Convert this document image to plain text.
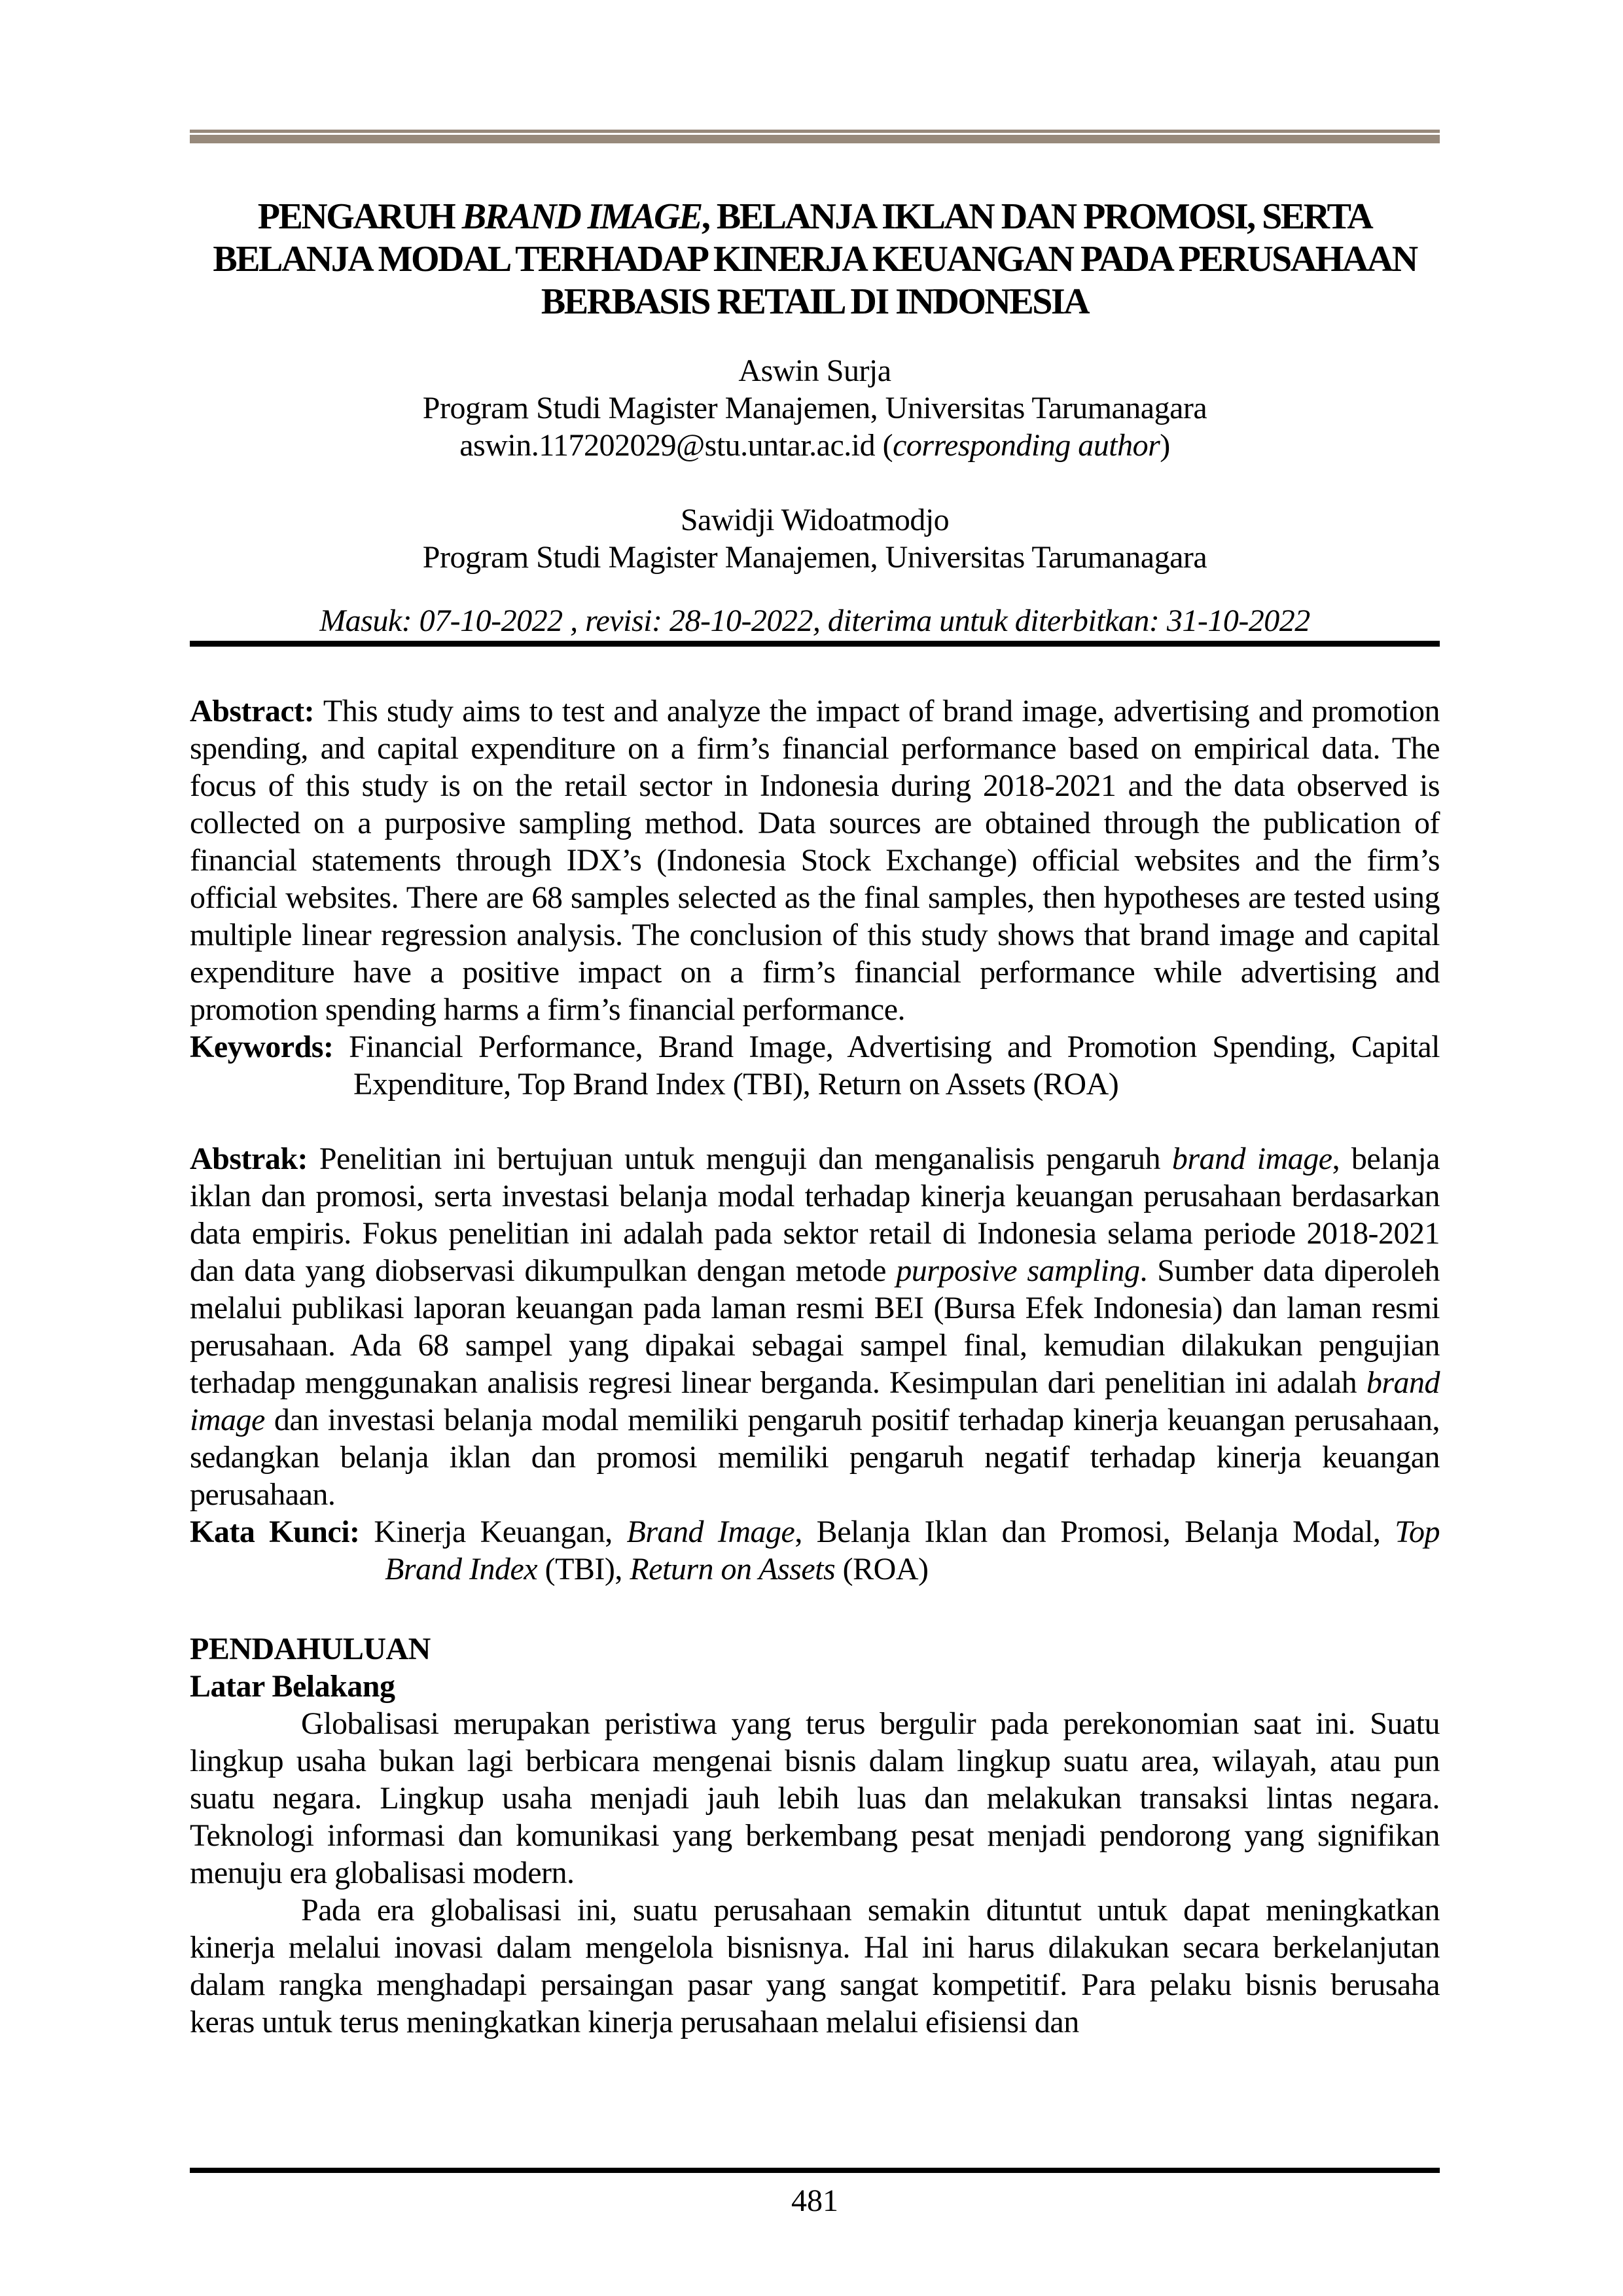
PENGARUH BRAND IMAGE, BELANJA IKLAN DAN PROMOSI, SERTA BELANJA MODAL TERHADAP KINERJA KEUANGAN PADA PERUSAHAAN BERBASIS RETAIL DI INDONESIA
Aswin Surja
Program Studi Magister Manajemen, Universitas Tarumanagara
aswin.117202029@stu.untar.ac.id (corresponding author)
Sawidji Widoatmodjo
Program Studi Magister Manajemen, Universitas Tarumanagara
Masuk: 07-10-2022 , revisi: 28-10-2022, diterima untuk diterbitkan: 31-10-2022

Abstract: This study aims to test and analyze the impact of brand image, advertising and promotion spending, and capital expenditure on a firm’s financial performance based on empirical data. The focus of this study is on the retail sector in Indonesia during 2018-2021 and the data observed is collected on a purposive sampling method. Data sources are obtained through the publication of financial statements through IDX’s (Indonesia Stock Exchange) official websites and the firm’s official websites. There are 68 samples selected as the final samples, then hypotheses are tested using multiple linear regression analysis. The conclusion of this study shows that brand image and capital expenditure have a positive impact on a firm’s financial performance while advertising and promotion spending harms a firm’s financial performance.

Keywords: Financial Performance, Brand Image, Advertising and Promotion Spending, Capital Expenditure, Top Brand Index (TBI), Return on Assets (ROA)

Abstrak: Penelitian ini bertujuan untuk menguji dan menganalisis pengaruh brand image, belanja iklan dan promosi, serta investasi belanja modal terhadap kinerja keuangan perusahaan berdasarkan data empiris. Fokus penelitian ini adalah pada sektor retail di Indonesia selama periode 2018-2021 dan data yang diobservasi dikumpulkan dengan metode purposive sampling. Sumber data diperoleh melalui publikasi laporan keuangan pada laman resmi BEI (Bursa Efek Indonesia) dan laman resmi perusahaan. Ada 68 sampel yang dipakai sebagai sampel final, kemudian dilakukan pengujian terhadap menggunakan analisis regresi linear berganda. Kesimpulan dari penelitian ini adalah brand image dan investasi belanja modal memiliki pengaruh positif terhadap kinerja keuangan perusahaan, sedangkan belanja iklan dan promosi memiliki pengaruh negatif terhadap kinerja keuangan perusahaan.

Kata Kunci: Kinerja Keuangan, Brand Image, Belanja Iklan dan Promosi, Belanja Modal, Top Brand Index (TBI), Return on Assets (ROA)

PENDAHULUAN
Latar Belakang

Globalisasi merupakan peristiwa yang terus bergulir pada perekonomian saat ini. Suatu lingkup usaha bukan lagi berbicara mengenai bisnis dalam lingkup suatu area, wilayah, atau pun suatu negara. Lingkup usaha menjadi jauh lebih luas dan melakukan transaksi lintas negara. Teknologi informasi dan komunikasi yang berkembang pesat menjadi pendorong yang signifikan menuju era globalisasi modern.

Pada era globalisasi ini, suatu perusahaan semakin dituntut untuk dapat meningkatkan kinerja melalui inovasi dalam mengelola bisnisnya. Hal ini harus dilakukan secara berkelanjutan dalam rangka menghadapi persaingan pasar yang sangat kompetitif. Para pelaku bisnis berusaha keras untuk terus meningkatkan kinerja perusahaan melalui efisiensi dan

481
